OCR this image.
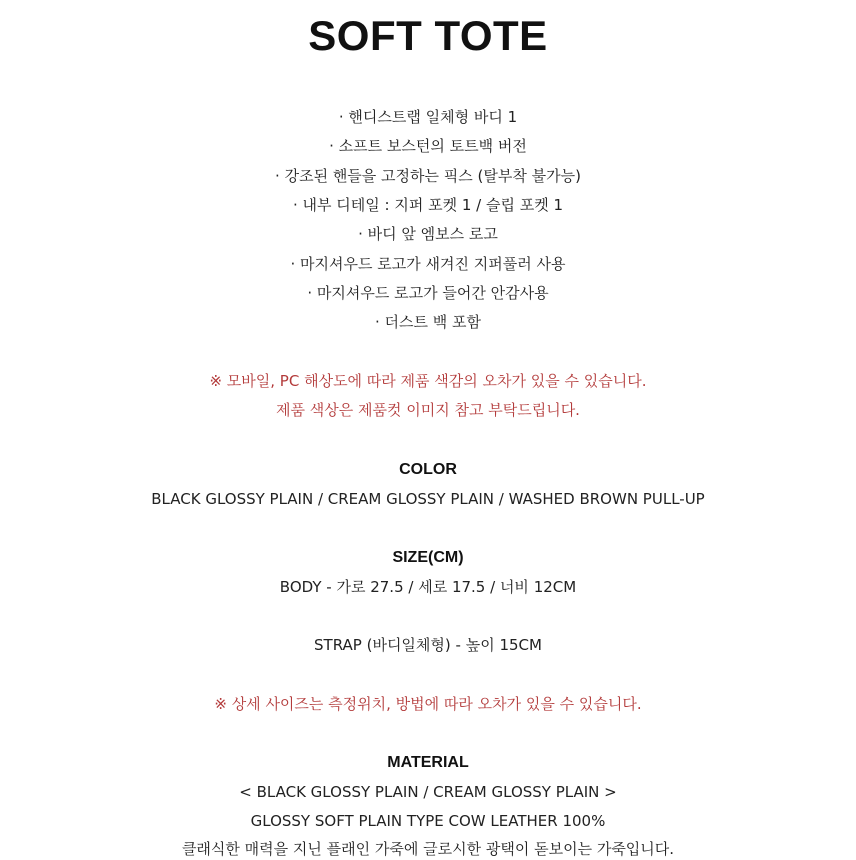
SOFT TOTE
· 핸디스트랩 일체형 바디 1
· 소프트 보스턴의 토트백 버전
· 강조된 핸들을 고정하는 픽스 (탈부착 불가능)
· 내부 디테일 : 지퍼 포켓 1 / 슬립 포켓 1
· 바디 앞 엠보스 로고
· 마지셔우드 로고가 새겨진 지퍼풀러 사용
· 마지셔우드 로고가 들어간 안감사용
· 더스트 백 포함
※ 모바일, PC 해상도에 따라 제품 색감의 오차가 있을 수 있습니다.
제품 색상은 제품컷 이미지 참고 부탁드립니다.
COLOR
BLACK GLOSSY PLAIN / CREAM GLOSSY PLAIN / WASHED BROWN PULL-UP
SIZE(CM)
BODY - 가로 27.5 / 세로 17.5 / 너비 12CM
STRAP (바디일체형) - 높이 15CM
※ 상세 사이즈는 측정위치, 방법에 따라 오차가 있을 수 있습니다.
MATERIAL
< BLACK GLOSSY PLAIN / CREAM GLOSSY PLAIN >
GLOSSY SOFT PLAIN TYPE COW LEATHER 100%
클래식한 매력을 지닌 플래인 가죽에 글로시한 광택이 돋보이는 가죽입니다.
